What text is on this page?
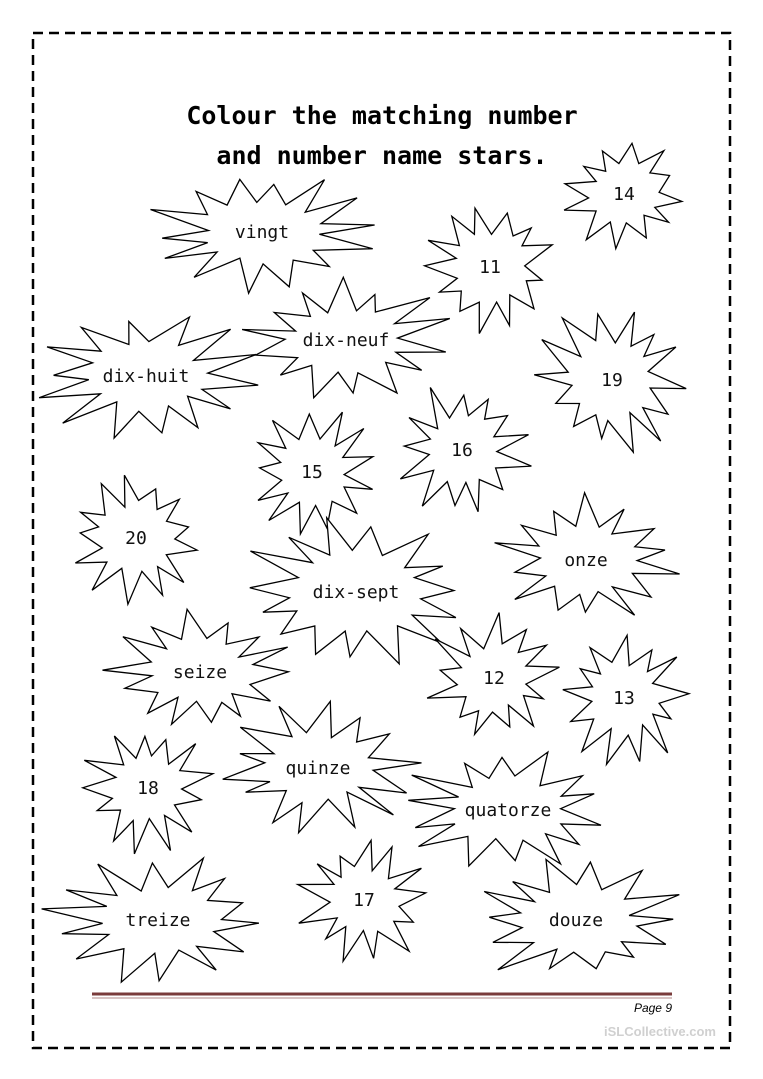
Colour the matching number
and number name stars.
vingt
14
11
dix-neuf
dix-huit	19
16
15
20
onze
dix-sept
seize	12
13
quinze
18
quatorze
treize
17
douze
Page 9
iSLCollective.com
